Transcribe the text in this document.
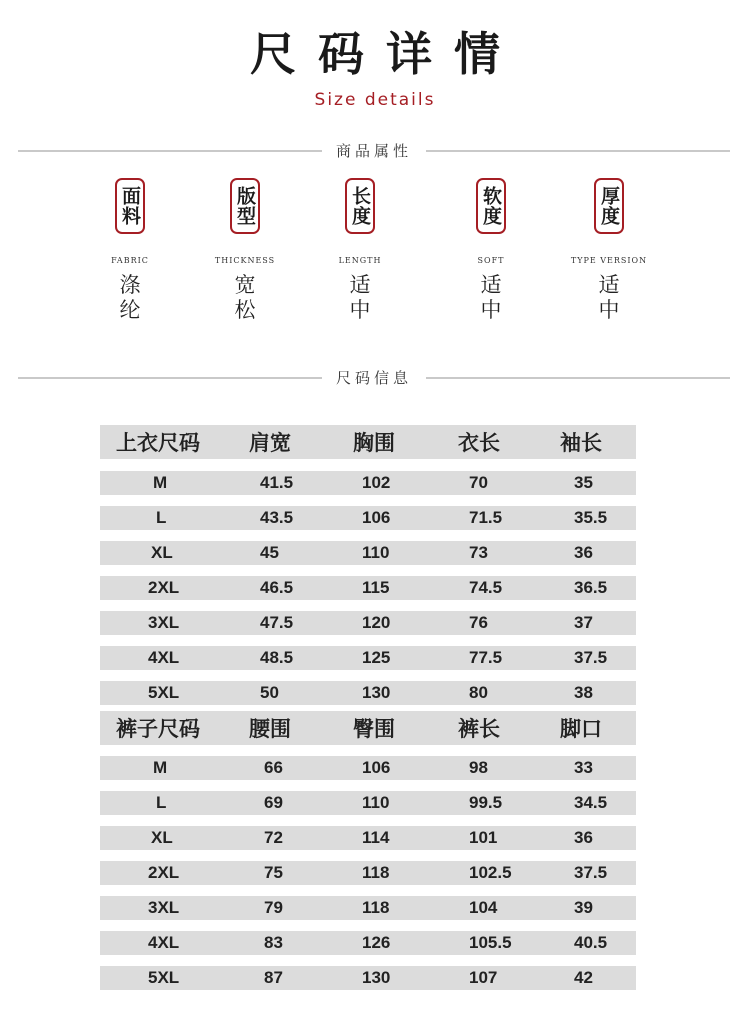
尺码详情
Size details
商品属性
面料
FABRIC
涤纶
版型
THICKNESS
宽松
长度
LENGTH
适中
软度
SOFT
适中
厚度
TYPE VERSION
适中
尺码信息
上衣尺码 肩宽	胸围	衣长	袖长
M	41.5	102	70	35
L	43.5	106	71.5	35.5
XL	45	110	73	36
2XL	46.5	115	74.5	36.5
3XL	47.5	120	76	37
4XL	48.5	125	77.5	37.5
5XL	50	130	80	38
裤子尺码 腰围	臀围	裤长	脚口
M	66	106	98	33
L	69	110	99.5	34.5
XL	72	114	101	36
2XL	75	118	102.5	37.5
3XL	79	118	104	39
4XL	83	126	105.5	40.5
5XL	87	130	107	42
